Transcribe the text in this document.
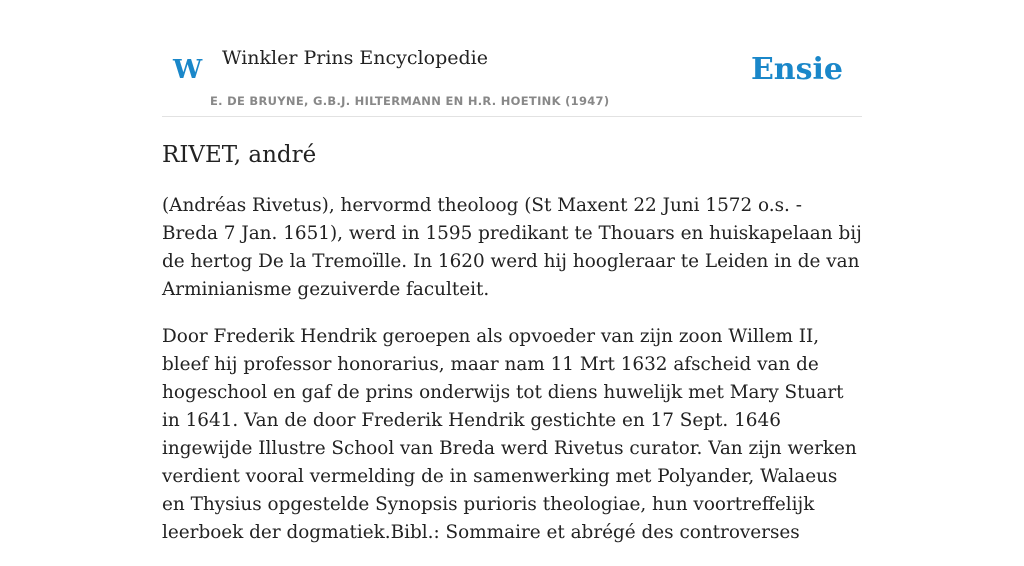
W Winkler Prins Encyclopedie
E. DE BRUYNE, G.B.J. HILTERMANN EN H.R. HOETINK (1947)
Ensie
RIVET, andré

(Andréas Rivetus), hervormd theoloog (St Maxent 22 Juni 1572 o.s. - Breda 7 Jan. 1651), werd in 1595 predikant te Thouars en huiskapelaan bij de hertog De la Tremoïlle. In 1620 werd hij hoogleraar te Leiden in de van Arminianisme gezuiverde faculteit.

Door Frederik Hendrik geroepen als opvoeder van zijn zoon Willem II, bleef hij professor honorarius, maar nam 11 Mrt 1632 afscheid van de hogeschool en gaf de prins onderwijs tot diens huwelijk met Mary Stuart in 1641. Van de door Frederik Hendrik gestichte en 17 Sept. 1646 ingewijde Illustre School van Breda werd Rivetus curator. Van zijn werken verdient vooral vermelding de in samenwerking met Polyander, Walaeus en Thysius opgestelde Synopsis purioris theologiae, hun voortreffelijk leerboek der dogmatiek.Bibl.: Sommaire et abrégé des controverses
